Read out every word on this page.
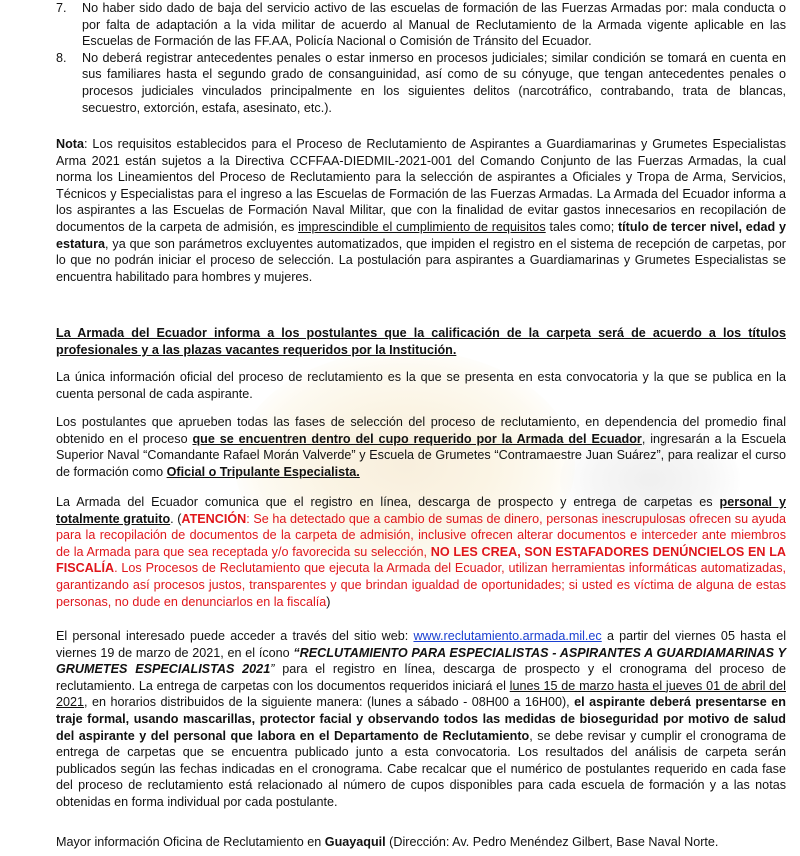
7. No haber sido dado de baja del servicio activo de las escuelas de formación de las Fuerzas Armadas por: mala conducta o por falta de adaptación a la vida militar de acuerdo al Manual de Reclutamiento de la Armada vigente aplicable en las Escuelas de Formación de las FF.AA, Policía Nacional o Comisión de Tránsito del Ecuador.
8. No deberá registrar antecedentes penales o estar inmerso en procesos judiciales; similar condición se tomará en cuenta en sus familiares hasta el segundo grado de consanguinidad, así como de su cónyuge, que tengan antecedentes penales o procesos judiciales vinculados principalmente en los siguientes delitos (narcotráfico, contrabando, trata de blancas, secuestro, extorción, estafa, asesinato, etc.).

Nota: Los requisitos establecidos para el Proceso de Reclutamiento de Aspirantes a Guardiamarinas y Grumetes Especialistas Arma 2021 están sujetos a la Directiva CCFFAA-DIEDMIL-2021-001 del Comando Conjunto de las Fuerzas Armadas, la cual norma los Lineamientos del Proceso de Reclutamiento para la selección de aspirantes a Oficiales y Tropa de Arma, Servicios, Técnicos y Especialistas para el ingreso a las Escuelas de Formación de las Fuerzas Armadas. La Armada del Ecuador informa a los aspirantes a las Escuelas de Formación Naval Militar, que con la finalidad de evitar gastos innecesarios en recopilación de documentos de la carpeta de admisión, es imprescindible el cumplimiento de requisitos tales como; título de tercer nivel, edad y estatura, ya que son parámetros excluyentes automatizados, que impiden el registro en el sistema de recepción de carpetas, por lo que no podrán iniciar el proceso de selección. La postulación para aspirantes a Guardiamarinas y Grumetes Especialistas se encuentra habilitado para hombres y mujeres.

La Armada del Ecuador informa a los postulantes que la calificación de la carpeta será de acuerdo a los títulos profesionales y a las plazas vacantes requeridos por la Institución.

La única información oficial del proceso de reclutamiento es la que se presenta en esta convocatoria y la que se publica en la cuenta personal de cada aspirante.

Los postulantes que aprueben todas las fases de selección del proceso de reclutamiento, en dependencia del promedio final obtenido en el proceso que se encuentren dentro del cupo requerido por la Armada del Ecuador, ingresarán a la Escuela Superior Naval “Comandante Rafael Morán Valverde” y Escuela de Grumetes “Contramaestre Juan Suárez”, para realizar el curso de formación como Oficial o Tripulante Especialista.

La Armada del Ecuador comunica que el registro en línea, descarga de prospecto y entrega de carpetas es personal y totalmente gratuito. (ATENCIÓN: Se ha detectado que a cambio de sumas de dinero, personas inescrupulosas ofrecen su ayuda para la recopilación de documentos de la carpeta de admisión, inclusive ofrecen alterar documentos e interceder ante miembros de la Armada para que sea receptada y/o favorecida su selección, NO LES CREA, SON ESTAFADORES DENÚNCIELOS EN LA FISCALÍA. Los Procesos de Reclutamiento que ejecuta la Armada del Ecuador, utilizan herramientas informáticas automatizadas, garantizando así procesos justos, transparentes y que brindan igualdad de oportunidades; si usted es víctima de alguna de estas personas, no dude en denunciarlos en la fiscalía)

El personal interesado puede acceder a través del sitio web: www.reclutamiento.armada.mil.ec a partir del viernes 05 hasta el viernes 19 de marzo de 2021, en el ícono “RECLUTAMIENTO PARA ESPECIALISTAS - ASPIRANTES A GUARDIAMARINAS Y GRUMETES ESPECIALISTAS 2021” para el registro en línea, descarga de prospecto y el cronograma del proceso de reclutamiento. La entrega de carpetas con los documentos requeridos iniciará el lunes 15 de marzo hasta el jueves 01 de abril del 2021, en horarios distribuidos de la siguiente manera: (lunes a sábado - 08H00 a 16H00), el aspirante deberá presentarse en traje formal, usando mascarillas, protector facial y observando todos las medidas de bioseguridad por motivo de salud del aspirante y del personal que labora en el Departamento de Reclutamiento, se debe revisar y cumplir el cronograma de entrega de carpetas que se encuentra publicado junto a esta convocatoria. Los resultados del análisis de carpeta serán publicados según las fechas indicadas en el cronograma. Cabe recalcar que el numérico de postulantes requerido en cada fase del proceso de reclutamiento está relacionado al número de cupos disponibles para cada escuela de formación y a las notas obtenidas en forma individual por cada postulante.

Mayor información Oficina de Reclutamiento en Guayaquil (Dirección: Av. Pedro Menéndez Gilbert, Base Naval Norte.
